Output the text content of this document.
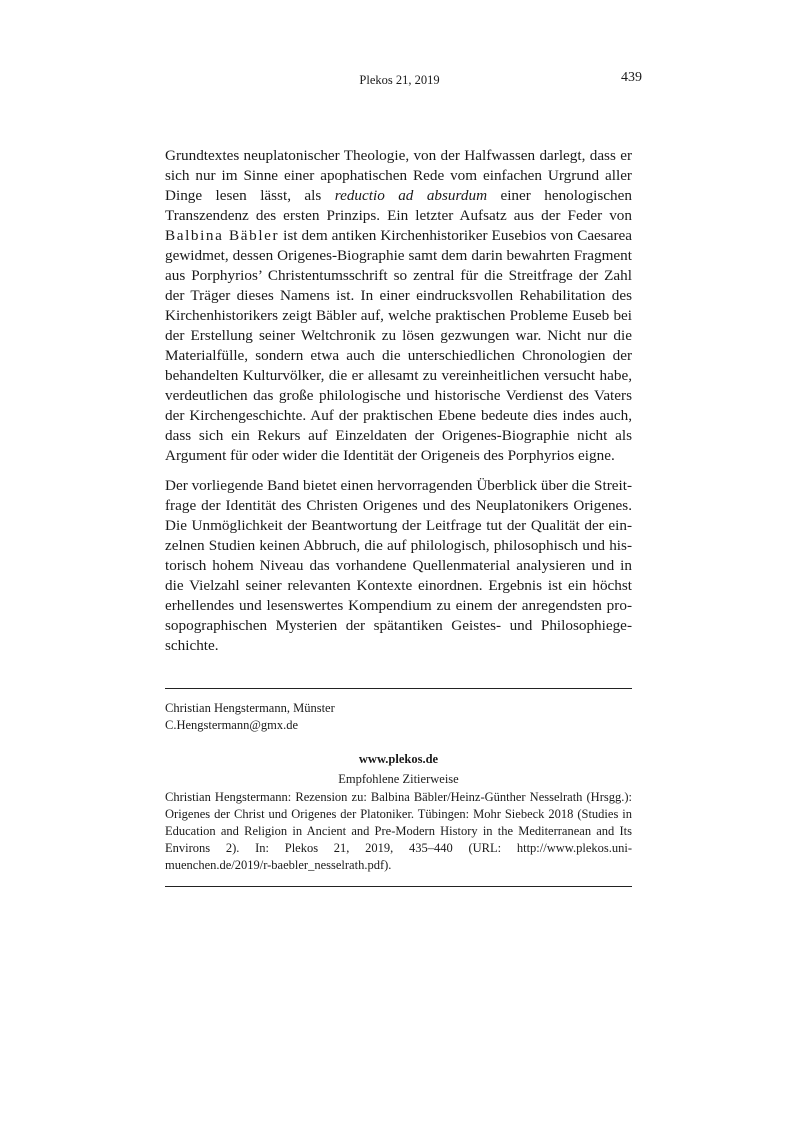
Plekos 21, 2019	439

Grundtextes neuplatonischer Theologie, von der Halfwassen darlegt, dass er sich nur im Sinne einer apophatischen Rede vom einfachen Urgrund aller Dinge lesen lässt, als reductio ad absurdum einer henologischen Transzendenz des ersten Prinzips. Ein letzter Aufsatz aus der Feder von Balbina Bäbler ist dem antiken Kirchenhistoriker Eusebios von Caesarea gewidmet, dessen Origenes-Biographie samt dem darin bewahrten Fragment aus Porphyrios’ Christentumsschrift so zentral für die Streitfrage der Zahl der Träger dieses Namens ist. In einer eindrucksvollen Rehabilitation des Kirchenhistorikers zeigt Bäbler auf, welche praktischen Probleme Euseb bei der Erstellung seiner Weltchronik zu lösen gezwungen war. Nicht nur die Materialfülle, sondern etwa auch die unterschiedlichen Chronologien der behandelten Kulturvölker, die er allesamt zu vereinheitlichen versucht habe, verdeutlichen das große philologische und historische Verdienst des Vaters der Kirchengeschichte. Auf der praktischen Ebene bedeute dies indes auch, dass sich ein Rekurs auf Einzeldaten der Origenes-Biographie nicht als Argument für oder wider die Identität der Origeneis des Porphyrios eigne.

Der vorliegende Band bietet einen hervorragenden Überblick über die Streitfrage der Identität des Christen Origenes und des Neuplatonikers Origenes. Die Unmöglichkeit der Beantwortung der Leitfrage tut der Qualität der einzelnen Studien keinen Abbruch, die auf philologisch, philosophisch und historisch hohem Niveau das vorhandene Quellenmaterial analysieren und in die Vielzahl seiner relevanten Kontexte einordnen. Ergebnis ist ein höchst erhellendes und lesenswertes Kompendium zu einem der anregendsten prosopographischen Mysterien der spätantiken Geistes- und Philosophiegeschichte.

Christian Hengstermann, Münster
C.Hengstermann@gmx.de
www.plekos.de
Empfohlene Zitierweise
Christian Hengstermann: Rezension zu: Balbina Bäbler/Heinz-Günther Nesselrath (Hrsgg.): Origenes der Christ und Origenes der Platoniker. Tübingen: Mohr Siebeck 2018 (Studies in Education and Religion in Ancient and Pre-Modern History in the Mediterranean and Its Environs 2). In: Plekos 21, 2019, 435–440 (URL: http://www.plekos.uni-muenchen.de/2019/r-baebler_nesselrath.pdf).
